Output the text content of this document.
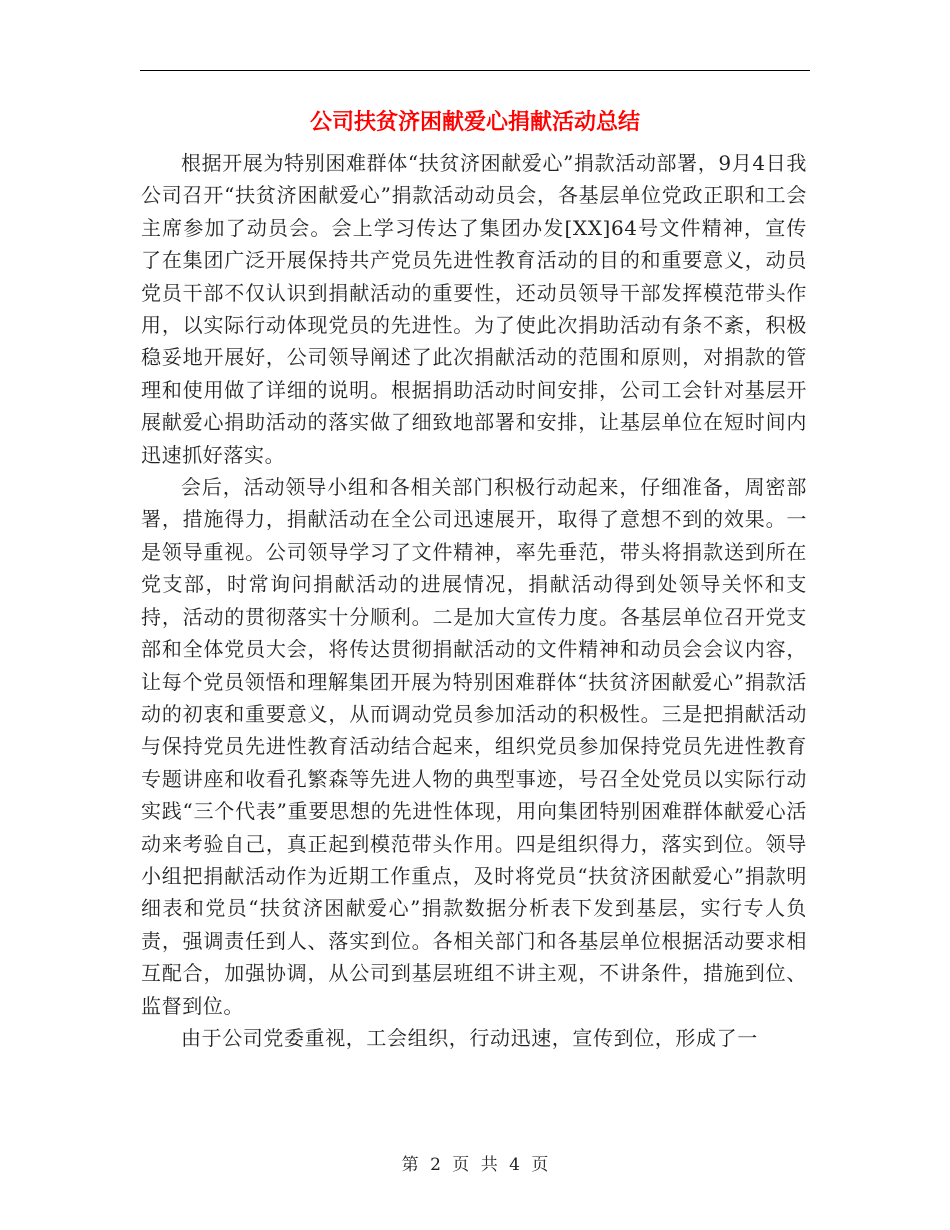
公司扶贫济困献爱心捐献活动总结

根据开展为特别困难群体“扶贫济困献爱心”捐款活动部署，9月4日我公司召开“扶贫济困献爱心”捐款活动动员会，各基层单位党政正职和工会主席参加了动员会。会上学习传达了集团办发[XX]64号文件精神，宣传了在集团广泛开展保持共产党员先进性教育活动的目的和重要意义，动员党员干部不仅认识到捐献活动的重要性，还动员领导干部发挥模范带头作用，以实际行动体现党员的先进性。为了使此次捐助活动有条不紊，积极稳妥地开展好，公司领导阐述了此次捐献活动的范围和原则，对捐款的管理和使用做了详细的说明。根据捐助活动时间安排，公司工会针对基层开展献爱心捐助活动的落实做了细致地部署和安排，让基层单位在短时间内迅速抓好落实。

会后，活动领导小组和各相关部门积极行动起来，仔细准备，周密部署，措施得力，捐献活动在全公司迅速展开，取得了意想不到的效果。一是领导重视。公司领导学习了文件精神，率先垂范，带头将捐款送到所在党支部，时常询问捐献活动的进展情况，捐献活动得到处领导关怀和支持，活动的贯彻落实十分顺利。二是加大宣传力度。各基层单位召开党支部和全体党员大会，将传达贯彻捐献活动的文件精神和动员会会议内容，让每个党员领悟和理解集团开展为特别困难群体“扶贫济困献爱心”捐款活动的初衷和重要意义，从而调动党员参加活动的积极性。三是把捐献活动与保持党员先进性教育活动结合起来，组织党员参加保持党员先进性教育专题讲座和收看孔繁森等先进人物的典型事迹，号召全处党员以实际行动实践“三个代表”重要思想的先进性体现，用向集团特别困难群体献爱心活动来考验自己，真正起到模范带头作用。四是组织得力，落实到位。领导小组把捐献活动作为近期工作重点，及时将党员“扶贫济困献爱心”捐款明细表和党员“扶贫济困献爱心”捐款数据分析表下发到基层，实行专人负责，强调责任到人、落实到位。各相关部门和各基层单位根据活动要求相互配合，加强协调，从公司到基层班组不讲主观，不讲条件，措施到位、监督到位。

由于公司党委重视，工会组织，行动迅速，宣传到位，形成了一

第 2 页 共 4 页
